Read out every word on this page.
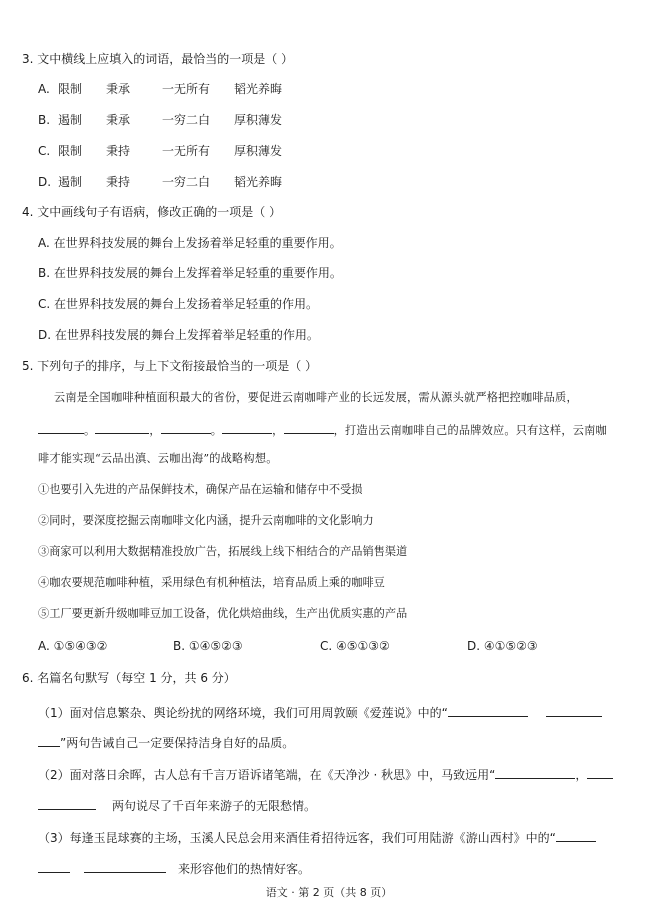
3. 文中横线上应填入的词语，最恰当的一项是（ ）
A. 限制 秉承	一无所有 韬光养晦
B. 遏制 秉承	一穷二白 厚积薄发
C. 限制 秉持	一无所有 厚积薄发
D. 遏制 秉持	一穷二白 韬光养晦
4. 文中画线句子有语病，修改正确的一项是（ ）
A. 在世界科技发展的舞台上发扬着举足轻重的重要作用。
B. 在世界科技发展的舞台上发挥着举足轻重的重要作用。
C. 在世界科技发展的舞台上发扬着举足轻重的作用。
D. 在世界科技发展的舞台上发挥着举足轻重的作用。
5. 下列句子的排序，与上下文衔接最恰当的一项是（ ）
云南是全国咖啡种植面积最大的省份，要促进云南咖啡产业的长远发展，需从源头就严格把控咖啡品质，
。	，	。	，	，打造出云南咖啡自己的品牌效应。只有这样，云南咖
啡才能实现“云品出滇、云咖出海”的战略构想。
①也要引入先进的产品保鲜技术，确保产品在运输和储存中不受损
②同时，要深度挖掘云南咖啡文化内涵，提升云南咖啡的文化影响力
③商家可以利用大数据精准投放广告，拓展线上线下相结合的产品销售渠道
④咖农要规范咖啡种植，采用绿色有机种植法，培育品质上乘的咖啡豆
⑤工厂要更新升级咖啡豆加工设备，优化烘焙曲线，生产出优质实惠的产品
A. ①⑤④③②	B. ①④⑤②③	C. ④⑤①③②	D. ④①⑤②③
6. 名篇名句默写（每空 1 分，共 6 分）
（1）面对信息繁杂、舆论纷扰的网络环境，我们可用周敦颐《爱莲说》中的“
”两句告诫自己一定要保持洁身自好的品质。
（2）面对落日余晖，古人总有千言万语诉诸笔端，在《天净沙 · 秋思》中，马致远用“	，
两句说尽了千百年来游子的无限愁情。
（3）每逢玉昆球赛的主场，玉溪人民总会用来酒佳肴招待远客，我们可用陆游《游山西村》中的“
来形容他们的热情好客。
语文 · 第 2 页（共 8 页）
